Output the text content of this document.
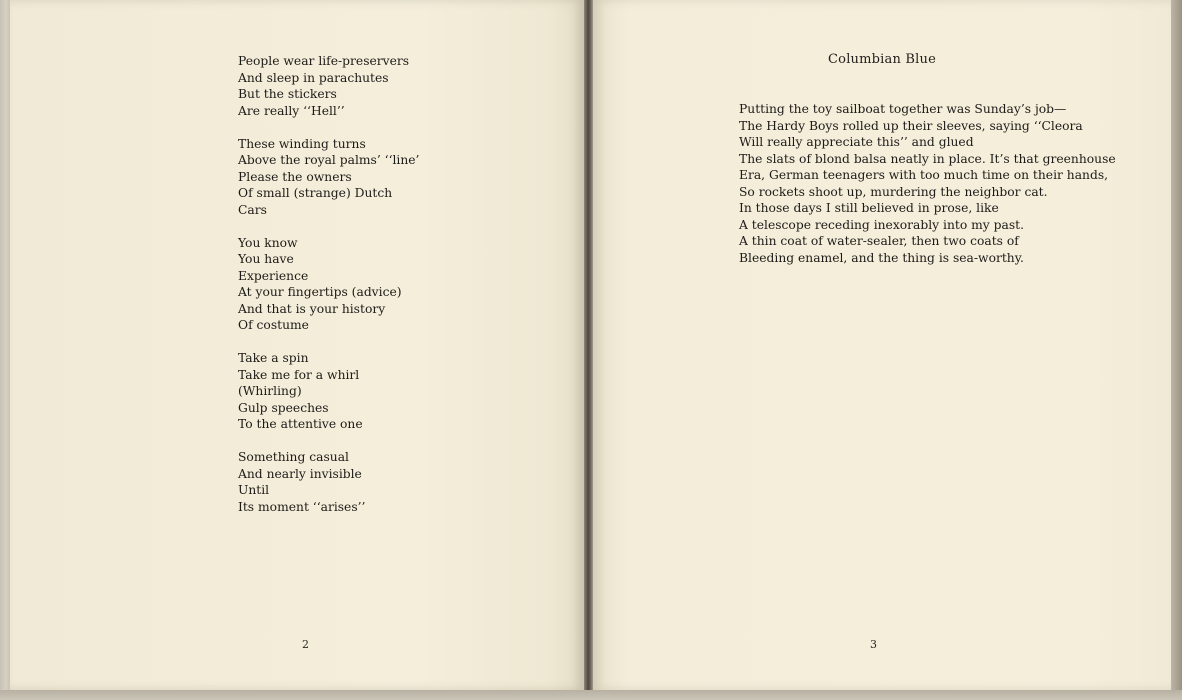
People wear life-preservers
And sleep in parachutes
But the stickers
Are really ‘‘Hell’’
These winding turns
Above the royal palms’ ‘‘line’
Please the owners
Of small (strange) Dutch
Cars
You know
You have
Experience
At your fingertips (advice)
And that is your history
Of costume
Take a spin
Take me for a whirl
(Whirling)
Gulp speeches
To the attentive one
Something casual
And nearly invisible
Until
Its moment ‘‘arises’’
2
Columbian Blue
Putting the toy sailboat together was Sunday’s job—
The Hardy Boys rolled up their sleeves, saying ‘‘Cleora
Will really appreciate this’’ and glued
The slats of blond balsa neatly in place. It’s that greenhouse
Era, German teenagers with too much time on their hands,
So rockets shoot up, murdering the neighbor cat.
In those days I still believed in prose, like
A telescope receding inexorably into my past.
A thin coat of water-sealer, then two coats of
Bleeding enamel, and the thing is sea-worthy.
3
